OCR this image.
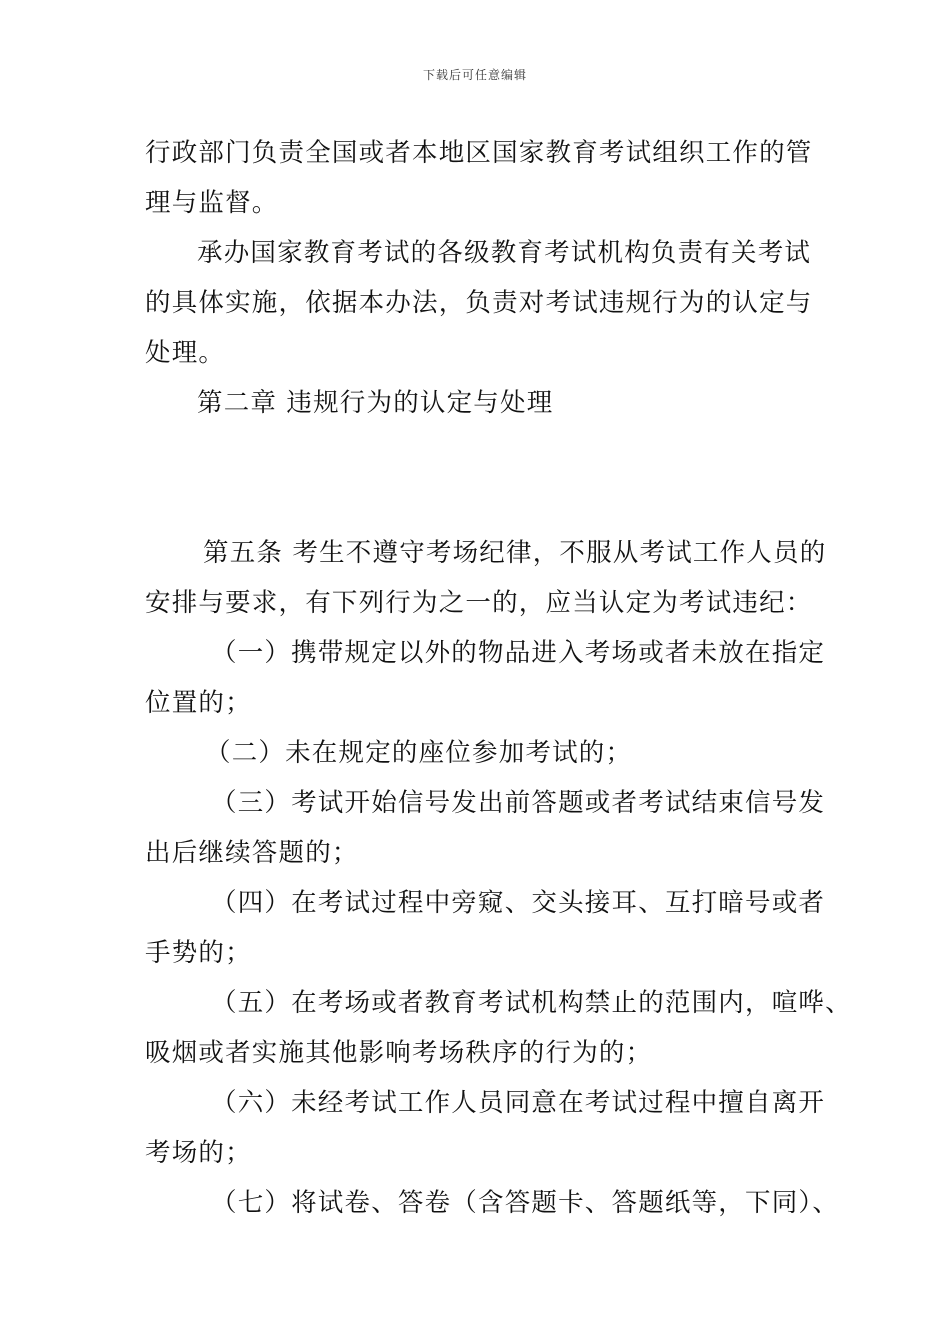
下载后可任意编辑
行政部门负责全国或者本地区国家教育考试组织工作的管
理与监督。
承办国家教育考试的各级教育考试机构负责有关考试
的具体实施，依据本办法，负责对考试违规行为的认定与
处理。
第二章 违规行为的认定与处理
第五条 考生不遵守考场纪律，不服从考试工作人员的
安排与要求，有下列行为之一的，应当认定为考试违纪：
（一）携带规定以外的物品进入考场或者未放在指定
位置的；
（二）未在规定的座位参加考试的；
（三）考试开始信号发出前答题或者考试结束信号发
出后继续答题的；
（四）在考试过程中旁窥、交头接耳、互打暗号或者
手势的；
（五）在考场或者教育考试机构禁止的范围内，喧哗、
吸烟或者实施其他影响考场秩序的行为的；
（六）未经考试工作人员同意在考试过程中擅自离开
考场的；
（七）将试卷、答卷（含答题卡、答题纸等，下同）、
